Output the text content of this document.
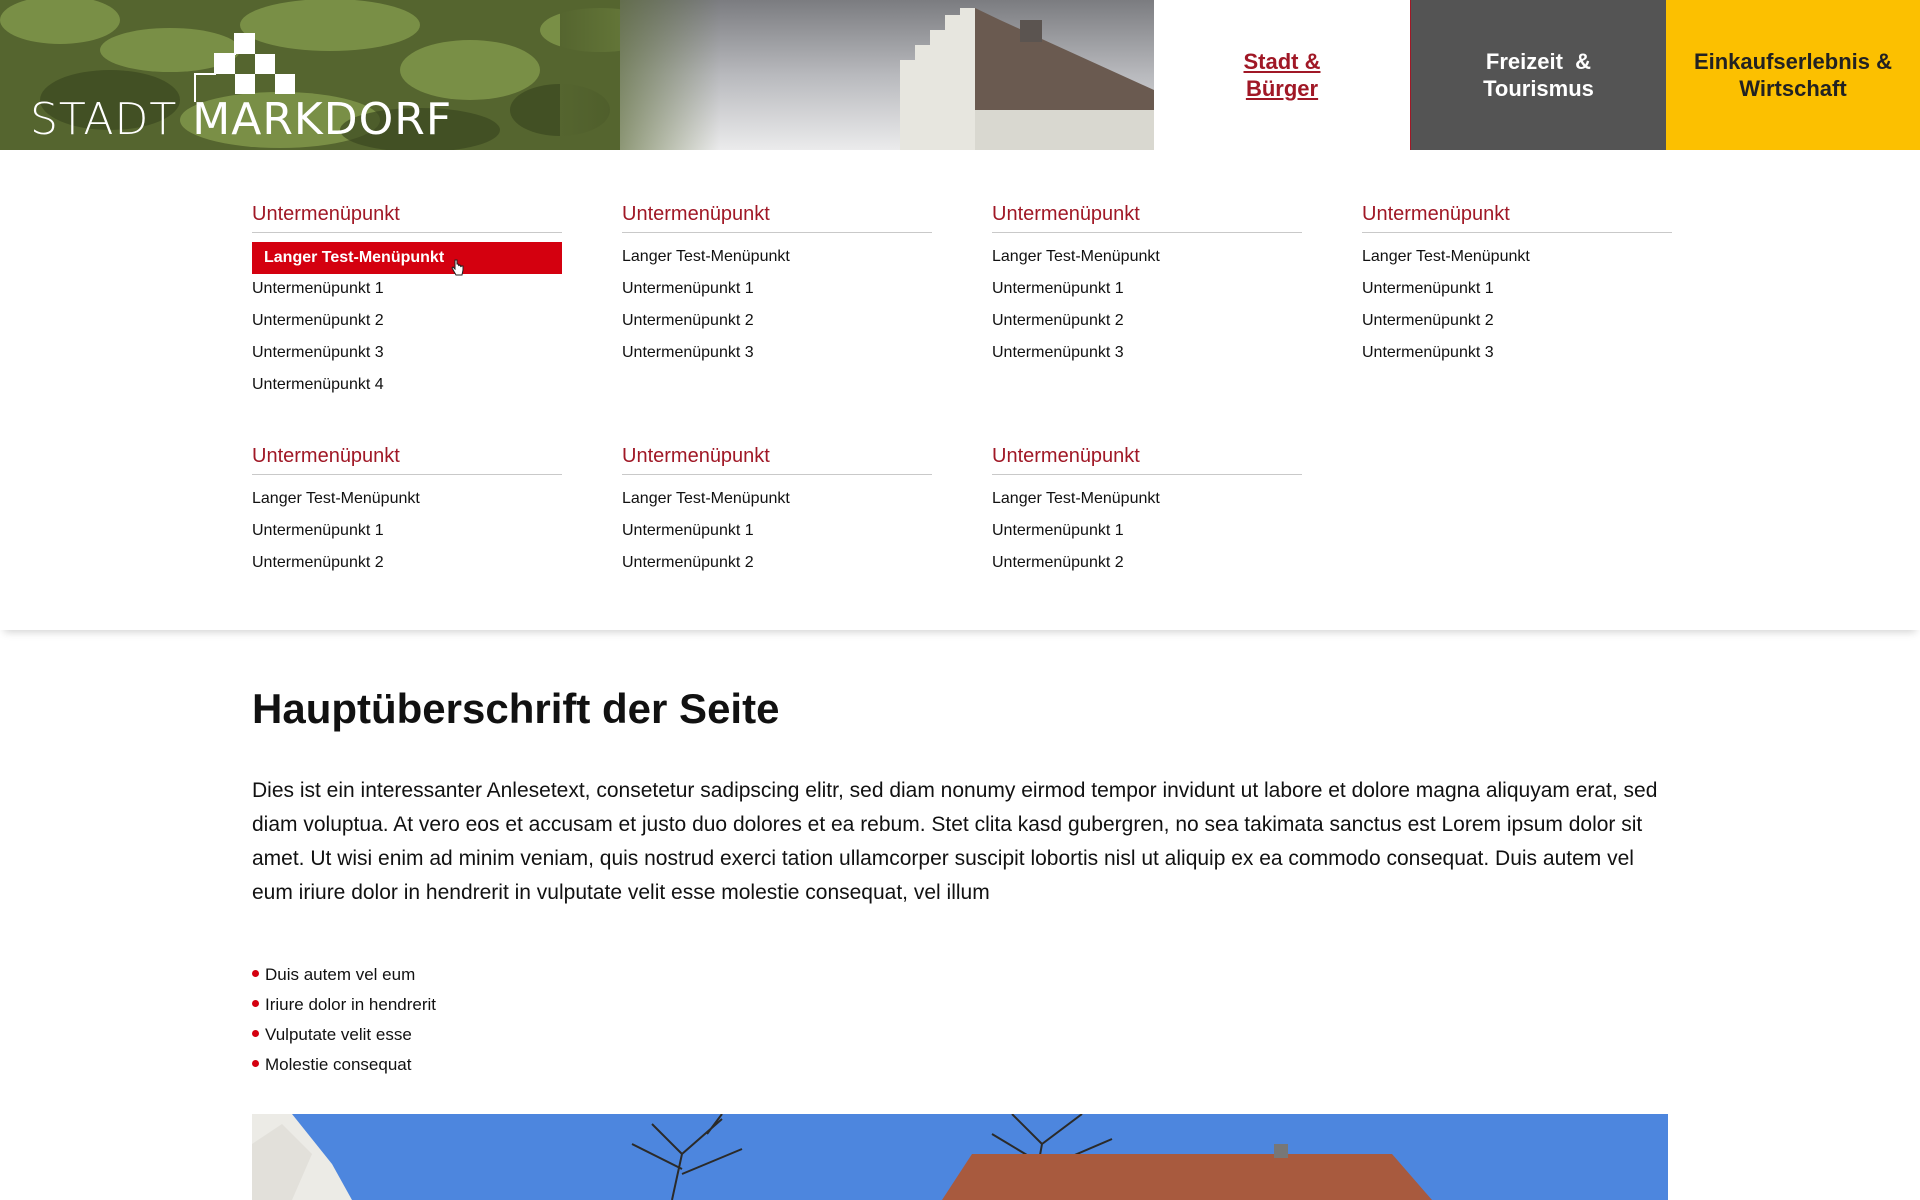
STADT MARKDORF
Stadt &
Bürger
Freizeit  &
Tourismus
Einkaufserlebnis &
Wirtschaft
Untermenüpunkt
Langer Test-Menüpunkt
Untermenüpunkt 1
Untermenüpunkt 2
Untermenüpunkt 3
Untermenüpunkt 4
Untermenüpunkt
Langer Test-Menüpunkt
Untermenüpunkt 1
Untermenüpunkt 2
Untermenüpunkt 3
Untermenüpunkt
Langer Test-Menüpunkt
Untermenüpunkt 1
Untermenüpunkt 2
Untermenüpunkt 3
Untermenüpunkt
Langer Test-Menüpunkt
Untermenüpunkt 1
Untermenüpunkt 2
Untermenüpunkt 3
Untermenüpunkt
Langer Test-Menüpunkt
Untermenüpunkt 1
Untermenüpunkt 2
Untermenüpunkt
Langer Test-Menüpunkt
Untermenüpunkt 1
Untermenüpunkt 2
Untermenüpunkt
Langer Test-Menüpunkt
Untermenüpunkt 1
Untermenüpunkt 2
Hauptüberschrift der Seite

Dies ist ein interessanter Anlesetext, consetetur sadipscing elitr, sed diam nonumy eirmod tempor invidunt ut labore et dolore magna aliquyam erat, sed diam voluptua. At vero eos et accusam et justo duo dolores et ea rebum. Stet clita kasd gubergren, no sea takimata sanctus est Lorem ipsum dolor sit amet. Ut wisi enim ad minim veniam, quis nostrud exerci tation ullamcorper suscipit lobortis nisl ut aliquip ex ea commodo consequat. Duis autem vel eum iriure dolor in hendrerit in vulputate velit esse molestie consequat, vel illum

Duis autem vel eum
Iriure dolor in hendrerit
Vulputate velit esse
Molestie consequat
